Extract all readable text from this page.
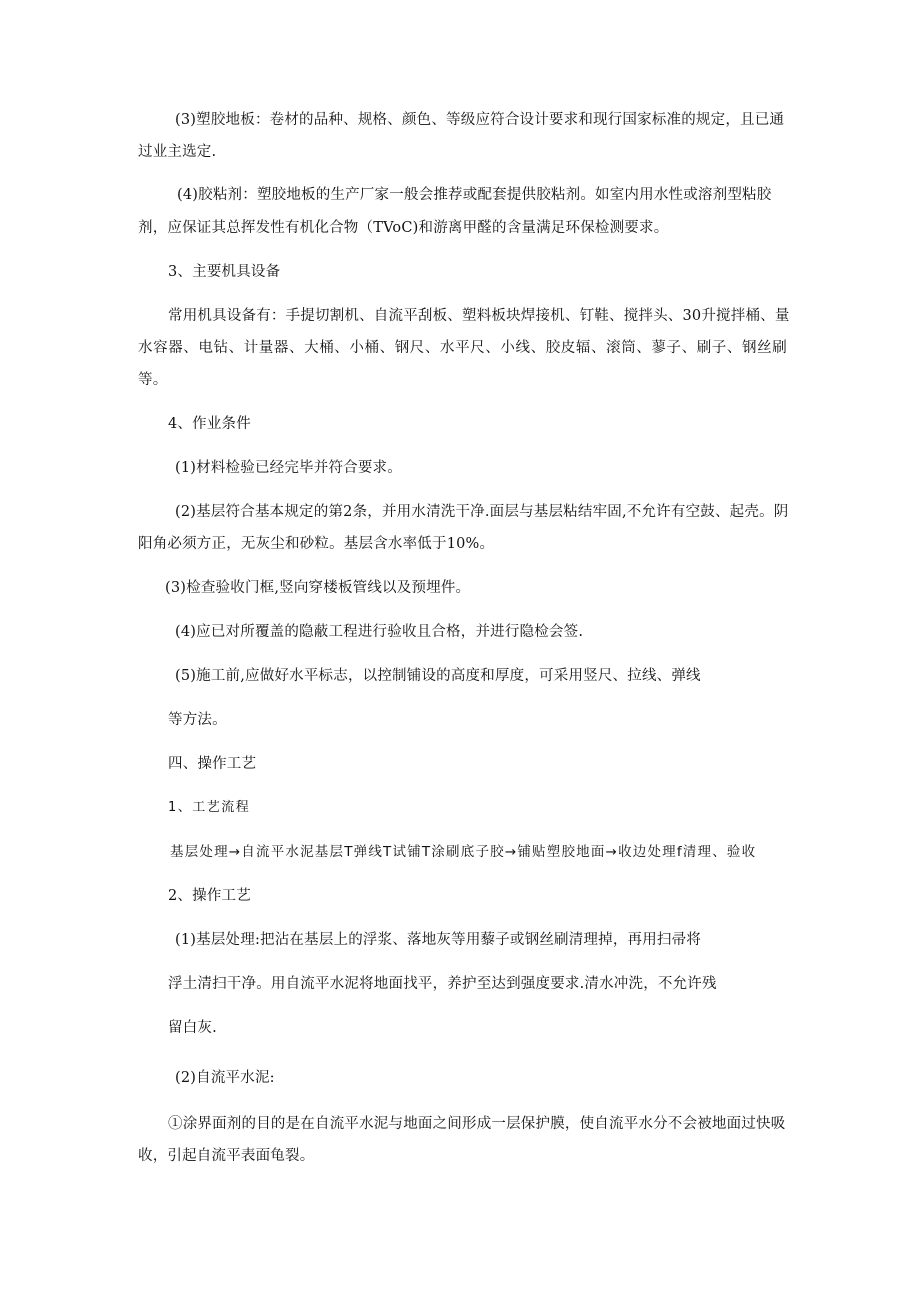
(3)塑胶地板：卷材的品种、规格、颜色、等级应符合设计要求和现行国家标准的规定，且已通
过业主选定.
(4)胶粘剂：塑胶地板的生产厂家一般会推荐或配套提供胶粘剂。如室内用水性或溶剂型粘胶
剂，应保证其总挥发性有机化合物（TVoC)和游离甲醛的含量满足环保检测要求。
3、主要机具设备
常用机具设备有：手提切割机、自流平刮板、塑料板块焊接机、钉鞋、搅拌头、30升搅拌桶、量
水容器、电钻、计量器、大桶、小桶、钢尺、水平尺、小线、胶皮辐、滚筒、蓼子、刷子、钢丝刷
等。
4、作业条件
(1)材料检验已经完毕并符合要求。
(2)基层符合基本规定的第2条，并用水清洗干净.面层与基层粘结牢固,不允许有空鼓、起壳。阴
阳角必须方正，无灰尘和砂粒。基层含水率低于10%。
(3)检查验收门框,竖向穿楼板管线以及预埋件。
(4)应已对所覆盖的隐蔽工程进行验收且合格，并进行隐检会签.
(5)施工前,应做好水平标志，以控制铺设的高度和厚度，可采用竖尺、拉线、弹线
等方法。
四、操作工艺
1、工艺流程
基层处理→自流平水泥基层T弹线T试铺T涂刷底子胶→铺贴塑胶地面→收边处理f清理、验收
2、操作工艺
(1)基层处理:把沾在基层上的浮浆、落地灰等用藜子或钢丝刷清理掉，再用扫帚将
浮土清扫干净。用自流平水泥将地面找平，养护至达到强度要求.清水冲洗，不允许残
留白灰.
(2)自流平水泥:
①涂界面剂的目的是在自流平水泥与地面之间形成一层保护膜，使自流平水分不会被地面过快吸
收，引起自流平表面龟裂。
